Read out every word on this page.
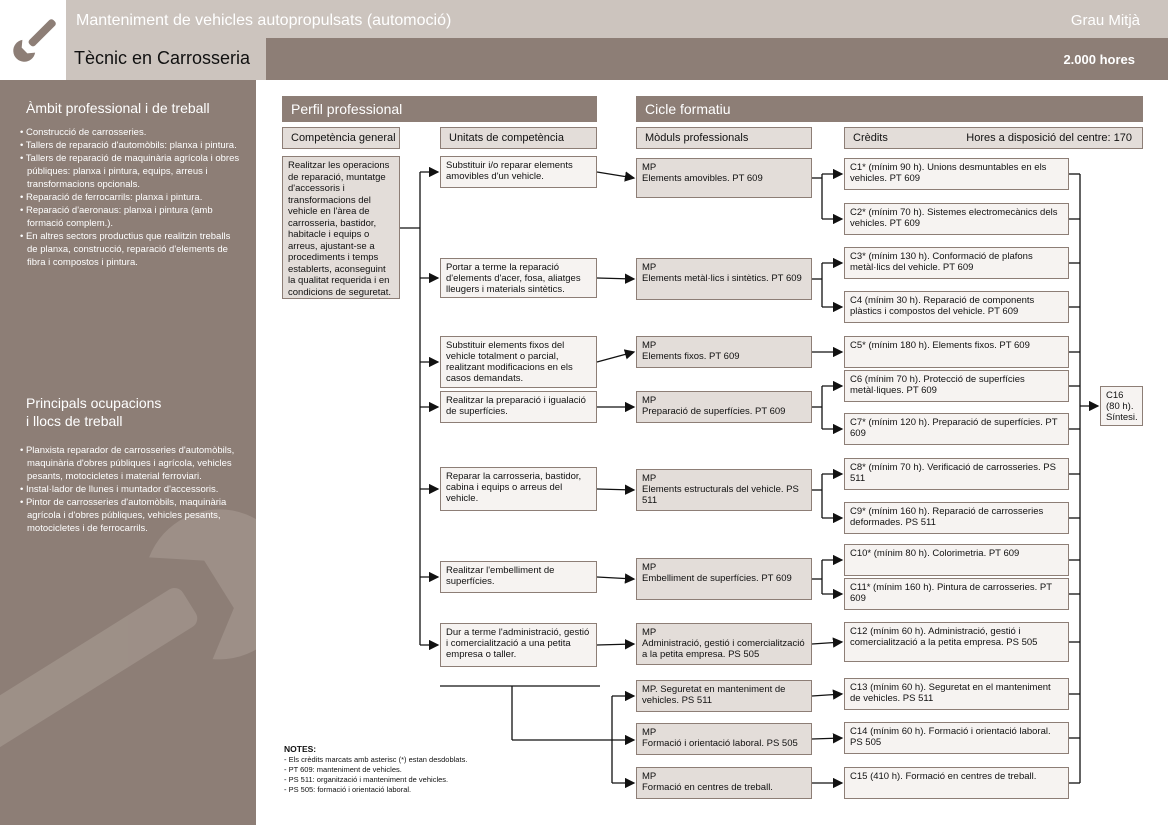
Manteniment de vehicles autopropulsats (automoció)	Grau Mitjà
Tècnic en Carrosseria	2.000 hores
Àmbit professional i de treball
• Construcció de carrosseries.
• Tallers de reparació d'automòbils: planxa i pintura.
• Tallers de reparació de maquinària agrícola i obres públiques: planxa i pintura, equips, arreus i transformacions opcionals.
• Reparació de ferrocarrils: planxa i pintura.
• Reparació d'aeronaus: planxa i pintura (amb formació complem.).
• En altres sectors productius que realitzin treballs de planxa, construcció, reparació d'elements de fibra i compostos i pintura.
Principals ocupacions
i llocs de treball
• Planxista reparador de carrosseries d'automòbils, maquinària d'obres públiques i agrícola, vehicles pesants, motocicletes i material ferroviari.
• Instal·lador de llunes i muntador d'accessoris.
• Pintor de carrosseries d'automòbils, maquinària agrícola i d'obres públiques, vehicles pesants, motocicletes i de ferrocarrils.
Perfil professional	Cicle formatiu
Competència general	Unitats de competència	Mòduls professionals	Crèdits	Hores a disposició del centre: 170
Realitzar les operacions de reparació, muntatge d'accessoris i transformacions del vehicle en l'àrea de carrosseria, bastidor, habitacle i equips o arreus, ajustant-se a procediments i temps establerts, aconseguint la qualitat requerida i en condicions de seguretat.
Substituir i/o reparar elements amovibles d'un vehicle.
Portar a terme la reparació d'elements d'acer, fosa, aliatges lleugers i materials sintètics.
Substituir elements fixos del vehicle totalment o parcial, realitzant modificacions en els casos demandats.
Realitzar la preparació i igualació de superfícies.
Reparar la carrosseria, bastidor, cabina i equips o arreus del vehicle.
Realitzar l'embelliment de superfícies.
Dur a terme l'administració, gestió i comercialització a una petita empresa o taller.
MP
Elements amovibles. PT 609
MP
Elements metàl·lics i sintètics. PT 609
MP
Elements fixos. PT 609
MP
Preparació de superfícies. PT 609
MP
Elements estructurals del vehicle. PS 511
MP
Embelliment de superfícies. PT 609
MP
Administració, gestió i comercialització a la petita empresa. PS 505
MP. Seguretat en manteniment de vehicles. PS 511
MP
Formació i orientació laboral. PS 505
MP
Formació en centres de treball.
C1* (mínim 90 h). Unions desmuntables en els vehicles. PT 609
C2* (mínim 70 h). Sistemes electromecànics dels vehicles. PT 609
C3* (mínim 130 h). Conformació de plafons metàl·lics del vehicle. PT 609
C4 (mínim 30 h). Reparació de components plàstics i compostos del vehicle. PT 609
C5* (mínim 180 h). Elements fixos. PT 609
C6 (mínim 70 h). Protecció de superfícies metàl·liques. PT 609
C7* (mínim 120 h). Preparació de superfícies. PT 609
C8* (mínim 70 h). Verificació de carrosseries. PS 511
C9* (mínim 160 h). Reparació de carrosseries deformades. PS 511
C10* (mínim 80 h). Colorimetria. PT 609
C11* (mínim 160 h). Pintura de carrosseries. PT 609
C12 (mínim 60 h). Administració, gestió i comercialització a la petita empresa. PS 505
C13 (mínim 60 h). Seguretat en el manteniment de vehicles. PS 511
C14 (mínim 60 h). Formació i orientació laboral. PS 505
C15 (410 h). Formació en centres de treball.
C16 (80 h). Síntesi.
NOTES:
- Els crèdits marcats amb asterisc (*) estan desdoblats.
- PT 609: manteniment de vehicles.
- PS 511: organització i manteniment de vehicles.
- PS 505: formació i orientació laboral.
